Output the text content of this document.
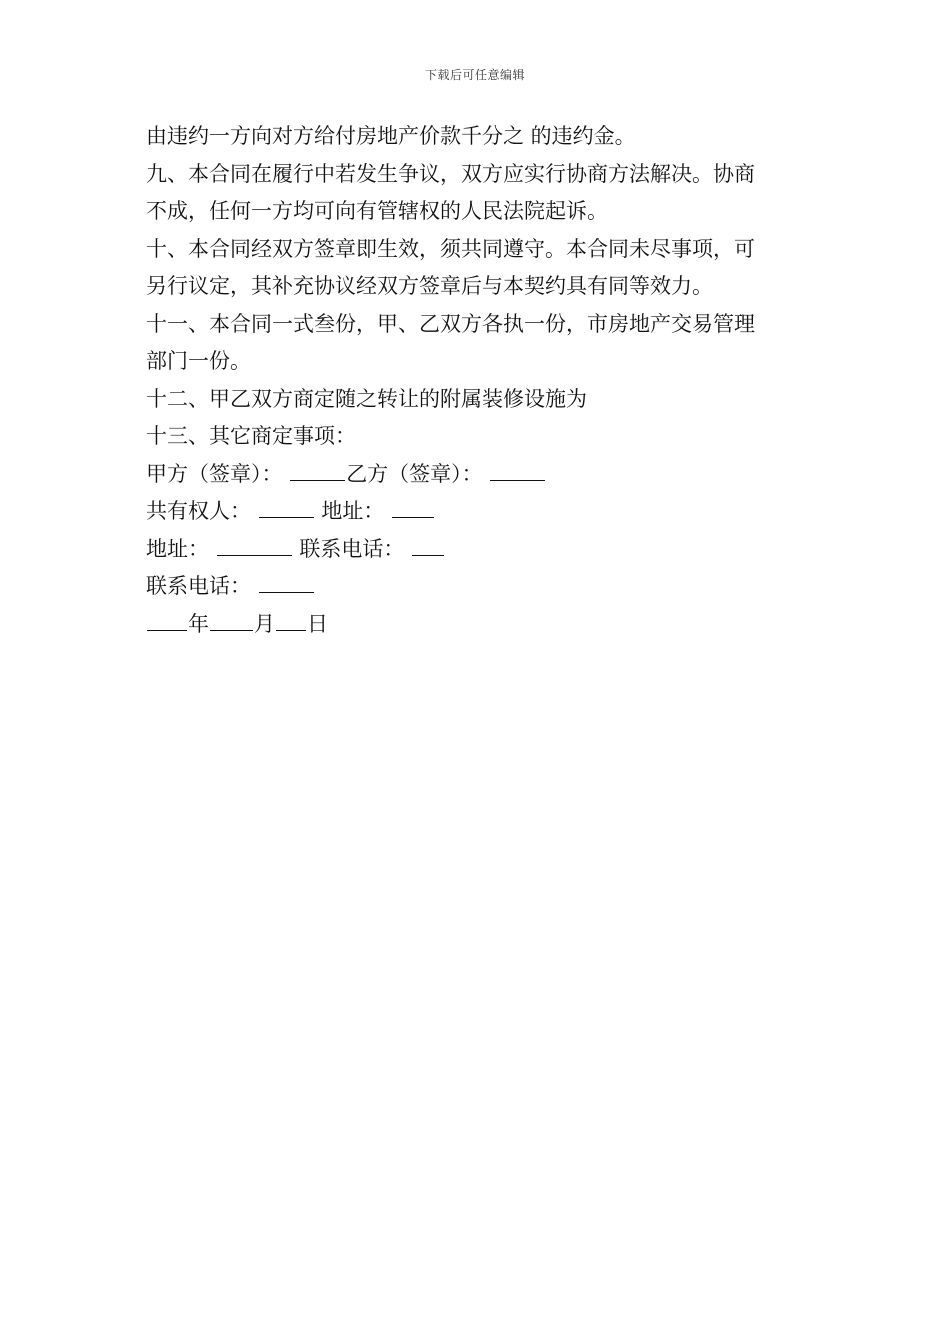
下载后可任意编辑
由违约一方向对方给付房地产价款千分之 的违约金。
九、本合同在履行中若发生争议，双方应实行协商方法解决。协商
不成，任何一方均可向有管辖权的人民法院起诉。
十、本合同经双方签章即生效，须共同遵守。本合同未尽事项，可
另行议定，其补充协议经双方签章后与本契约具有同等效力。
十一、本合同一式叁份，甲、乙双方各执一份，市房地产交易管理
部门一份。
十二、甲乙双方商定随之转让的附属装修设施为
十三、其它商定事项：
甲方（签章）：	乙方（签章）：
共有权人：	地址：
地址：	联系电话：
联系电话：
年 月 日
